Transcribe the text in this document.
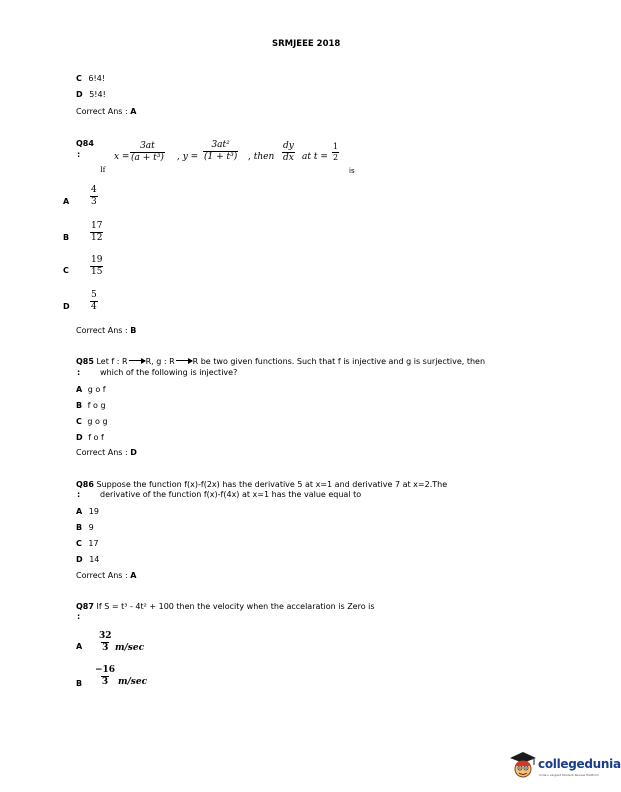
SRMJEEE 2018
C 6!4!
D 5!4!
Correct Ans : A
Q84
:
If
$x = \frac{3at}{\text{(a + t³)}}$ , $y = \frac{\text{3at²}}{\text{(1 + t³)}}$ , then $\frac{dy}{dx}$ at $t = \frac{1}{2}$
is
A $\frac{4}{3}$
B $\frac{17}{12}$
C $\frac{19}{15}$
D $\frac{5}{4}$
Correct Ans : B
Q85 Let f : R R, g : R R be two given functions. Such that f is injective and g is surjective, then
: which of the following is injective?
A g o f
B f o g
C g o g
D f o f
Correct Ans : D
Q86 Suppose the function f(x)-f(2x) has the derivative 5 at x=1 and derivative 7 at x=2.The
: derivative of the function f(x)-f(4x) at x=1 has the value equal to
A 19
B 9
C 17
D 14
Correct Ans : A
Q87 If S = t³ - 4t² + 100 then the velocity when the accelaration is Zero is
:
A $\frac{32}{3} m/\sec$
B $\frac{-16}{3} m/\sec$
collegedunia
India's Largest Student Review Platform
